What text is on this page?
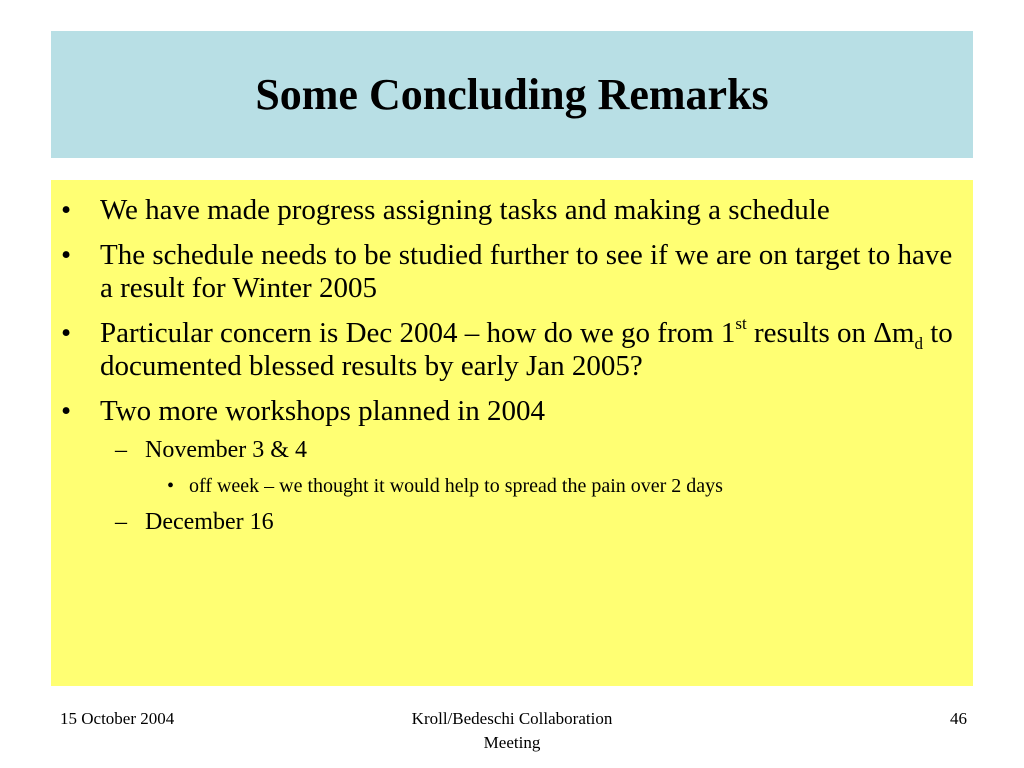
Some Concluding Remarks
• We have made progress assigning tasks and making a schedule
• The schedule needs to be studied further to see if we are on target to have a result for Winter 2005
• Particular concern is Dec 2004 – how do we go from 1st results on $\Delta m_d$ to documented blessed results by early Jan 2005?
• Two more workshops planned in 2004
– November 3 & 4
• off week – we thought it would help to spread the pain over 2 days
– December 16
15 October 2004	Kroll/Bedeschi Collaboration
Meeting
46
